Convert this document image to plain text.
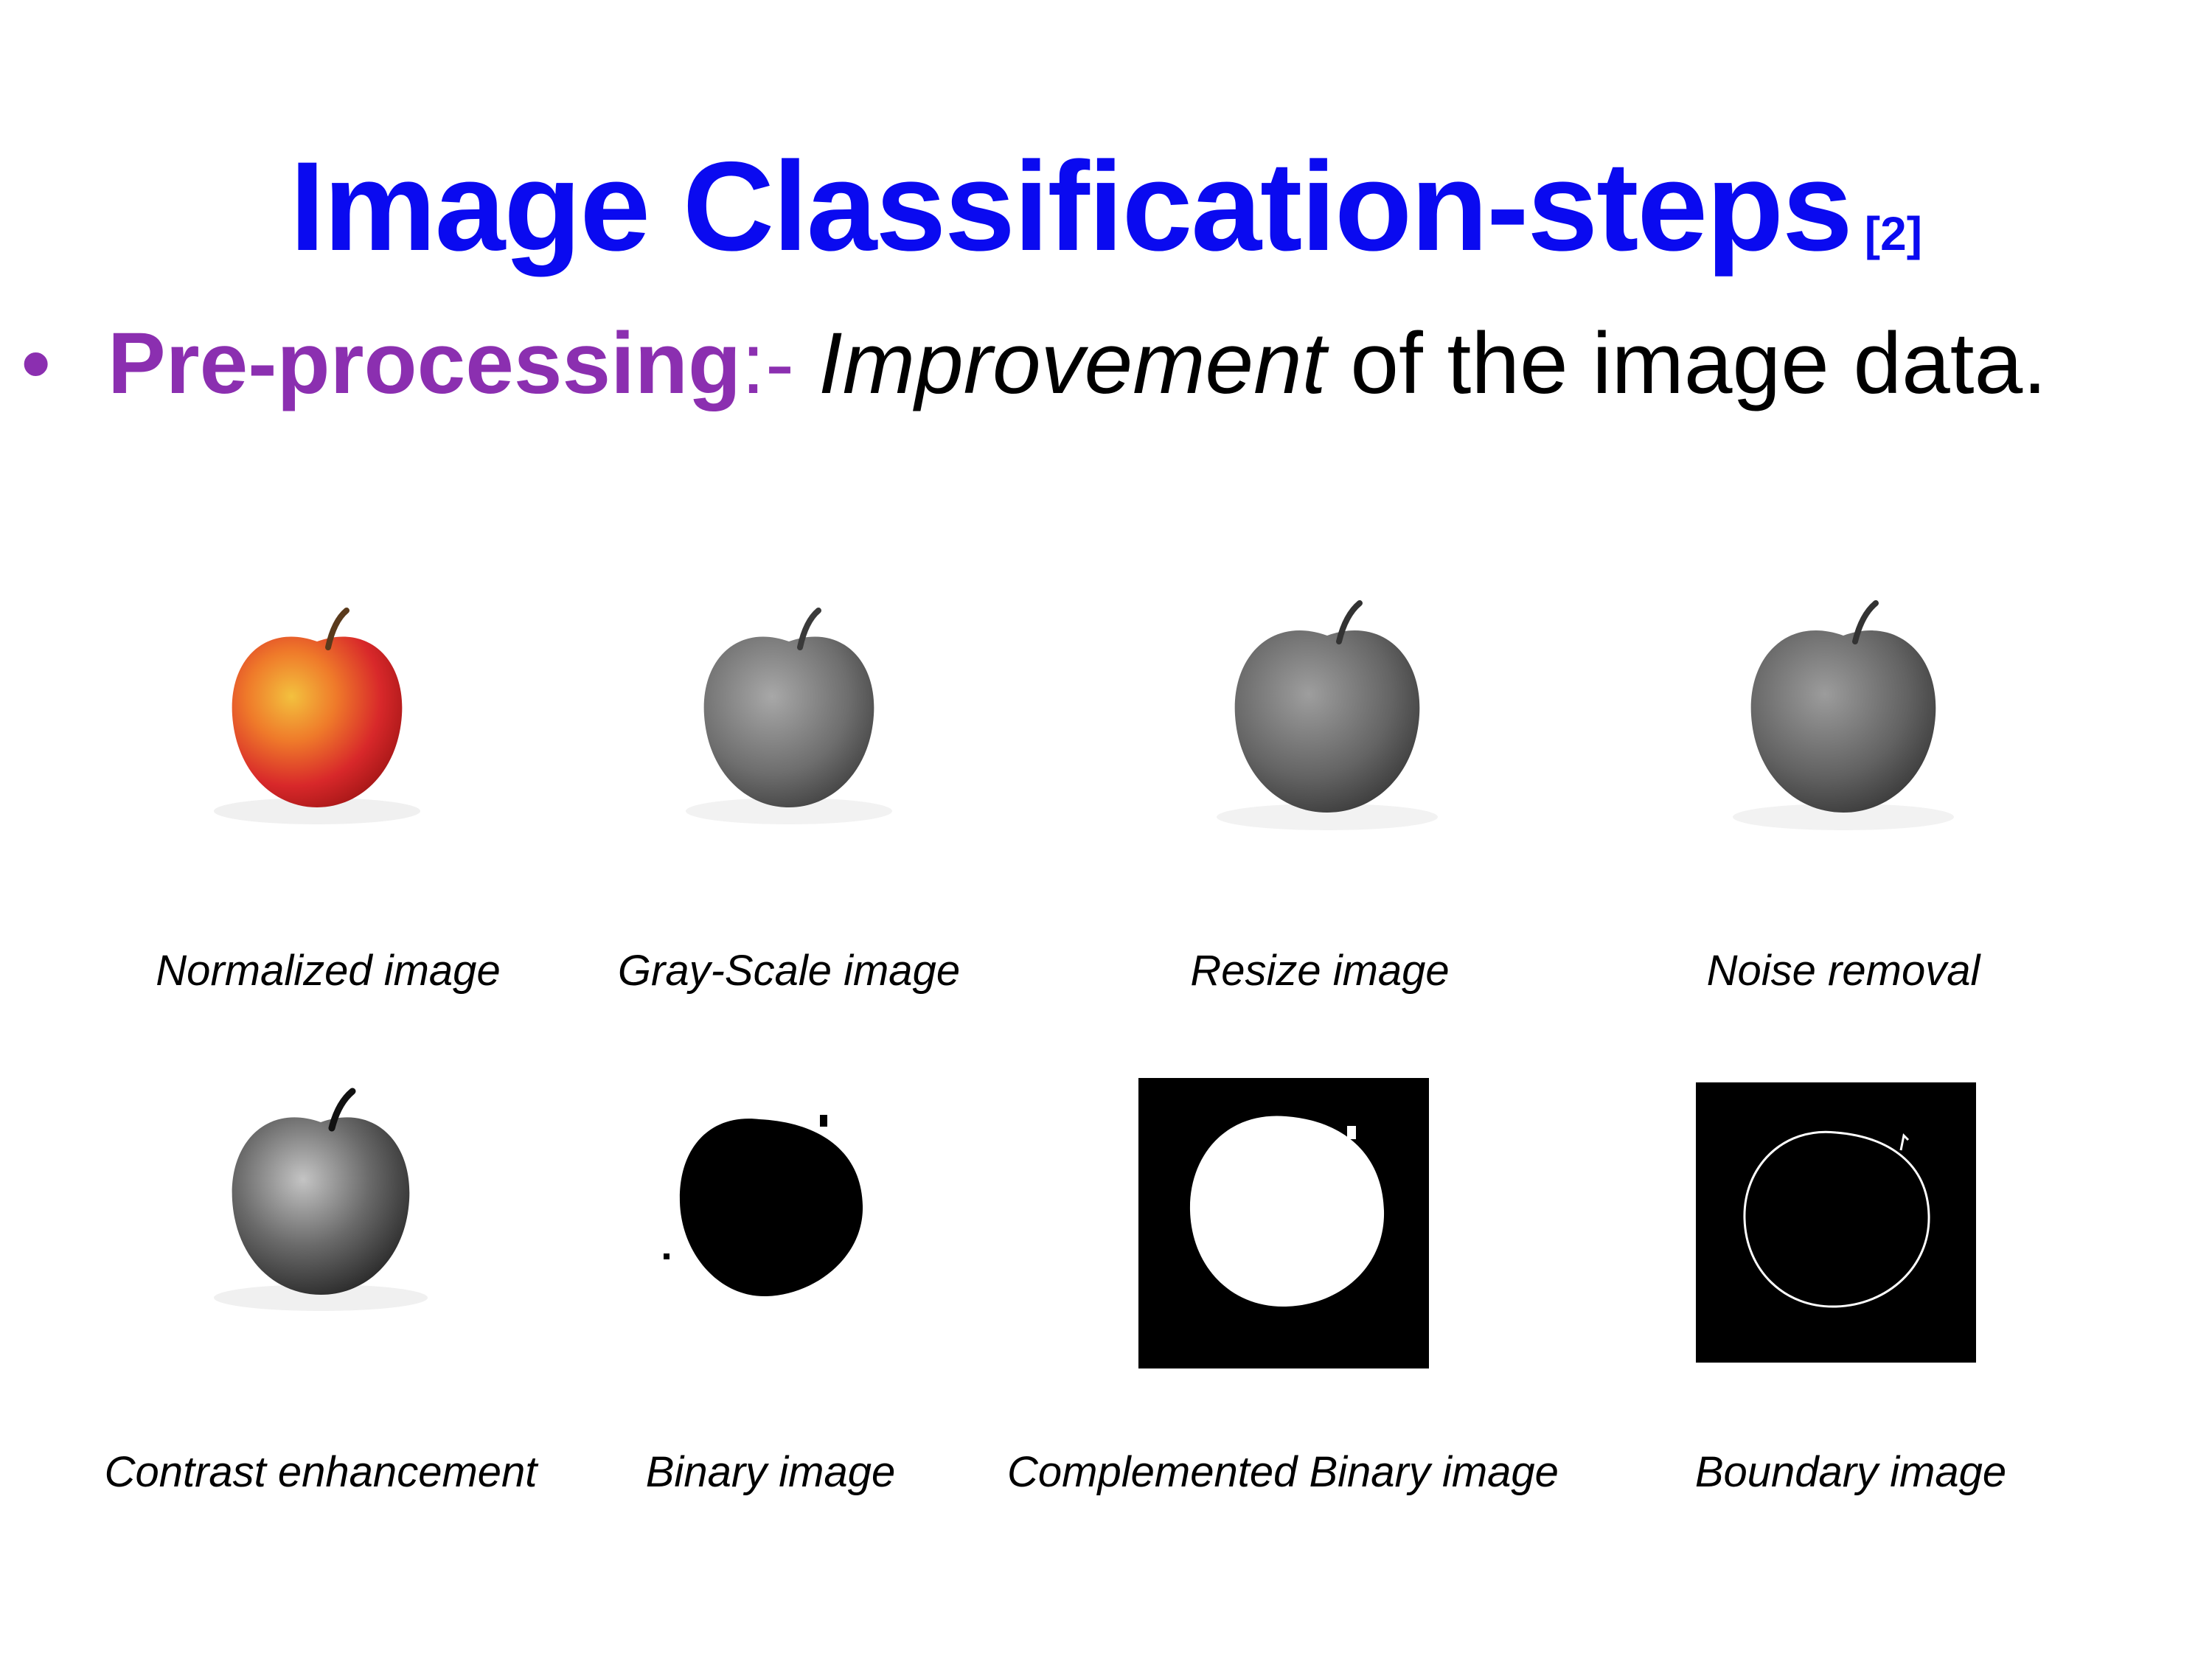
Image Classification-steps [2]
• Pre-processing:- Improvement of the image data.
Normalized image	Gray-Scale image	Resize image	Noise removal
Contrast enhancement	Binary image	Complemented Binary image	Boundary image
